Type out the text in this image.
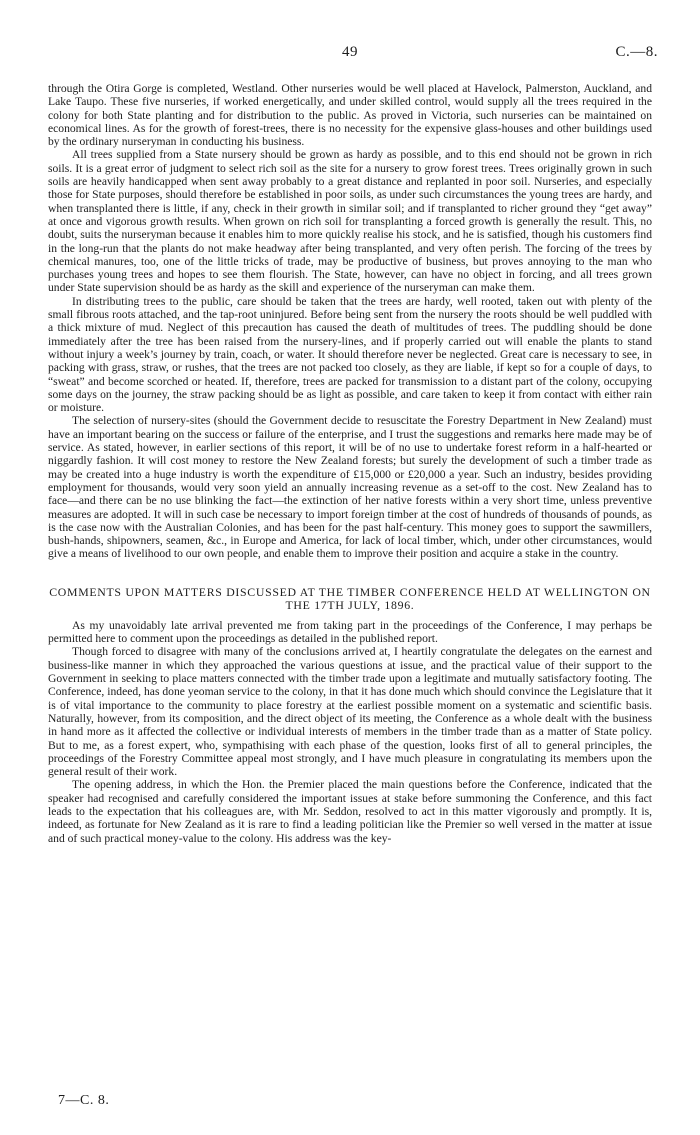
49	C.—8.

through the Otira Gorge is completed, Westland. Other nurseries would be well placed at Havelock, Palmerston, Auckland, and Lake Taupo. These five nurseries, if worked energetically, and under skilled control, would supply all the trees required in the colony for both State planting and for distribution to the public. As proved in Victoria, such nurseries can be maintained on economical lines. As for the growth of forest-trees, there is no necessity for the expensive glass-houses and other buildings used by the ordinary nurseryman in conducting his business.

All trees supplied from a State nursery should be grown as hardy as possible, and to this end should not be grown in rich soils. It is a great error of judgment to select rich soil as the site for a nursery to grow forest trees. Trees originally grown in such soils are heavily handicapped when sent away probably to a great distance and replanted in poor soil. Nurseries, and especially those for State purposes, should therefore be established in poor soils, as under such circumstances the young trees are hardy, and when transplanted there is little, if any, check in their growth in similar soil; and if transplanted to richer ground they “get away” at once and vigorous growth results. When grown on rich soil for transplanting a forced growth is generally the result. This, no doubt, suits the nurseryman because it enables him to more quickly realise his stock, and he is satisfied, though his customers find in the long-run that the plants do not make headway after being transplanted, and very often perish. The forcing of the trees by chemical manures, too, one of the little tricks of trade, may be productive of business, but proves annoying to the man who purchases young trees and hopes to see them flourish. The State, however, can have no object in forcing, and all trees grown under State supervision should be as hardy as the skill and experience of the nurseryman can make them.

In distributing trees to the public, care should be taken that the trees are hardy, well rooted, taken out with plenty of the small fibrous roots attached, and the tap-root uninjured. Before being sent from the nursery the roots should be well puddled with a thick mixture of mud. Neglect of this precaution has caused the death of multitudes of trees. The puddling should be done immediately after the tree has been raised from the nursery-lines, and if properly carried out will enable the plants to stand without injury a week’s journey by train, coach, or water. It should therefore never be neglected. Great care is necessary to see, in packing with grass, straw, or rushes, that the trees are not packed too closely, as they are liable, if kept so for a couple of days, to “sweat” and become scorched or heated. If, therefore, trees are packed for transmission to a distant part of the colony, occupying some days on the journey, the straw packing should be as light as possible, and care taken to keep it from contact with either rain or moisture.

The selection of nursery-sites (should the Government decide to resuscitate the Forestry Department in New Zealand) must have an important bearing on the success or failure of the enterprise, and I trust the suggestions and remarks here made may be of service. As stated, however, in earlier sections of this report, it will be of no use to undertake forest reform in a half-hearted or niggardly fashion. It will cost money to restore the New Zealand forests; but surely the development of such a timber trade as may be created into a huge industry is worth the expenditure of £15,000 or £20,000 a year. Such an industry, besides providing employment for thousands, would very soon yield an annually increasing revenue as a set-off to the cost. New Zealand has to face—and there can be no use blinking the fact—the extinction of her native forests within a very short time, unless preventive measures are adopted. It will in such case be necessary to import foreign timber at the cost of hundreds of thousands of pounds, as is the case now with the Australian Colonies, and has been for the past half-century. This money goes to support the sawmillers, bush-hands, shipowners, seamen, &c., in Europe and America, for lack of local timber, which, under other circumstances, would give a means of livelihood to our own people, and enable them to improve their position and acquire a stake in the country.

COMMENTS UPON MATTERS DISCUSSED AT THE TIMBER CONFERENCE HELD AT WELLINGTON ON THE 17TH JULY, 1896.

As my unavoidably late arrival prevented me from taking part in the proceedings of the Conference, I may perhaps be permitted here to comment upon the proceedings as detailed in the published report.

Though forced to disagree with many of the conclusions arrived at, I heartily congratulate the delegates on the earnest and business-like manner in which they approached the various questions at issue, and the practical value of their support to the Government in seeking to place matters connected with the timber trade upon a legitimate and mutually satisfactory footing. The Conference, indeed, has done yeoman service to the colony, in that it has done much which should convince the Legislature that it is of vital importance to the community to place forestry at the earliest possible moment on a systematic and scientific basis. Naturally, however, from its composition, and the direct object of its meeting, the Conference as a whole dealt with the business in hand more as it affected the collective or individual interests of members in the timber trade than as a matter of State policy. But to me, as a forest expert, who, sympathising with each phase of the question, looks first of all to general principles, the proceedings of the Forestry Committee appeal most strongly, and I have much pleasure in congratulating its members upon the general result of their work.

The opening address, in which the Hon. the Premier placed the main questions before the Conference, indicated that the speaker had recognised and carefully considered the important issues at stake before summoning the Conference, and this fact leads to the expectation that his colleagues are, with Mr. Seddon, resolved to act in this matter vigorously and promptly. It is, indeed, as fortunate for New Zealand as it is rare to find a leading politician like the Premier so well versed in the matter at issue and of such practical money-value to the colony. His address was the key-

7—C. 8.
